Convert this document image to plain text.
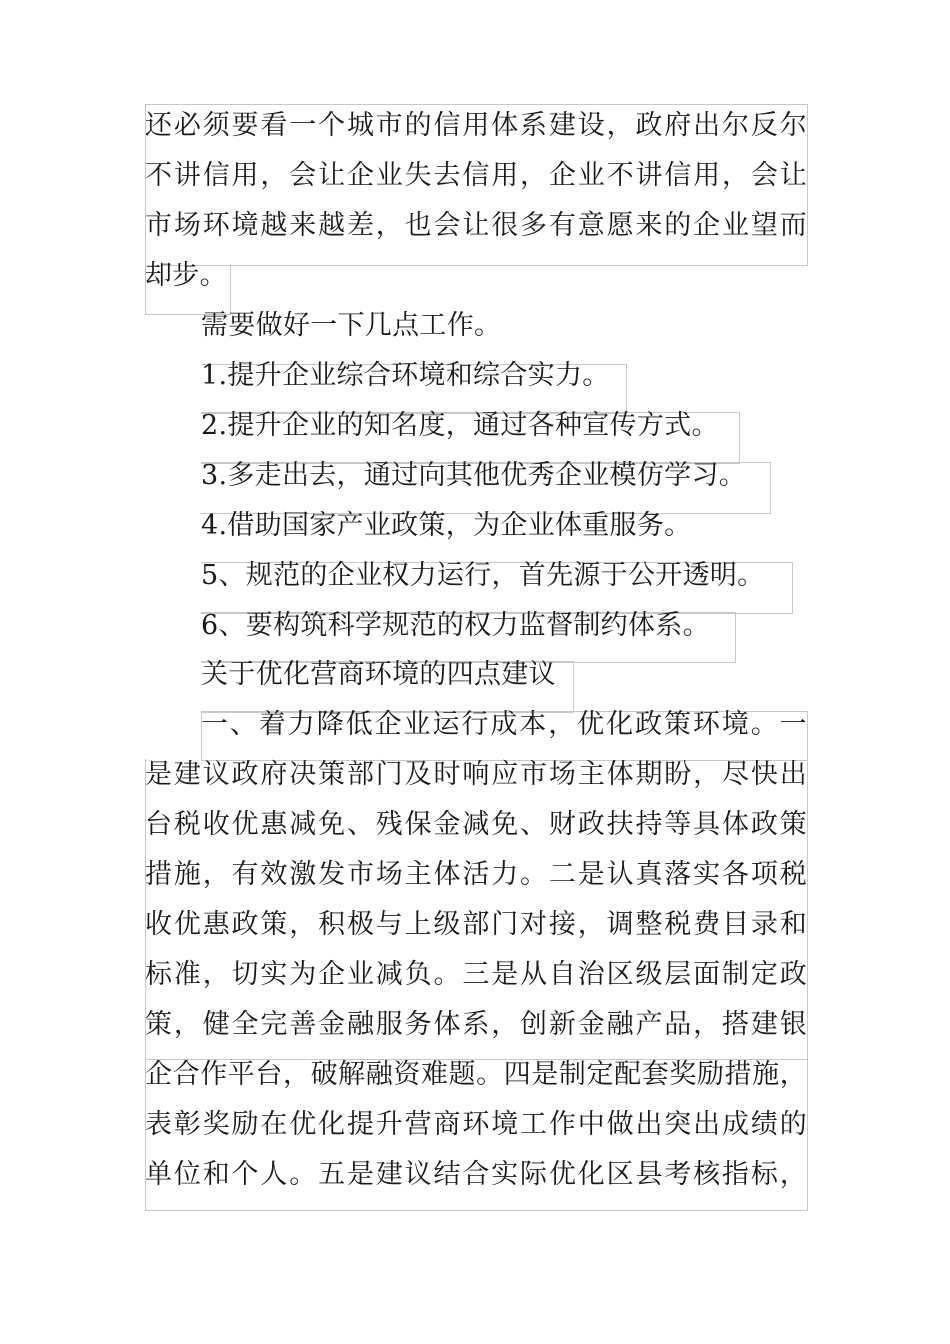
还必须要看一个城市的信用体系建设，政府出尔反尔
不讲信用，会让企业失去信用，企业不讲信用，会让
市场环境越来越差，也会让很多有意愿来的企业望而
却步。
需要做好一下几点工作。
1.提升企业综合环境和综合实力。
2.提升企业的知名度，通过各种宣传方式。
3.多走出去，通过向其他优秀企业模仿学习。
4.借助国家产业政策，为企业体重服务。
5、规范的企业权力运行，首先源于公开透明。
6、要构筑科学规范的权力监督制约体系。
关于优化营商环境的四点建议
一、着力降低企业运行成本，优化政策环境。一
是建议政府决策部门及时响应市场主体期盼，尽快出
台税收优惠减免、残保金减免、财政扶持等具体政策
措施，有效激发市场主体活力。二是认真落实各项税
收优惠政策，积极与上级部门对接，调整税费目录和
标准，切实为企业减负。三是从自治区级层面制定政
策，健全完善金融服务体系，创新金融产品，搭建银
企合作平台，破解融资难题。四是制定配套奖励措施，
表彰奖励在优化提升营商环境工作中做出突出成绩的
单位和个人。五是建议结合实际优化区县考核指标，
